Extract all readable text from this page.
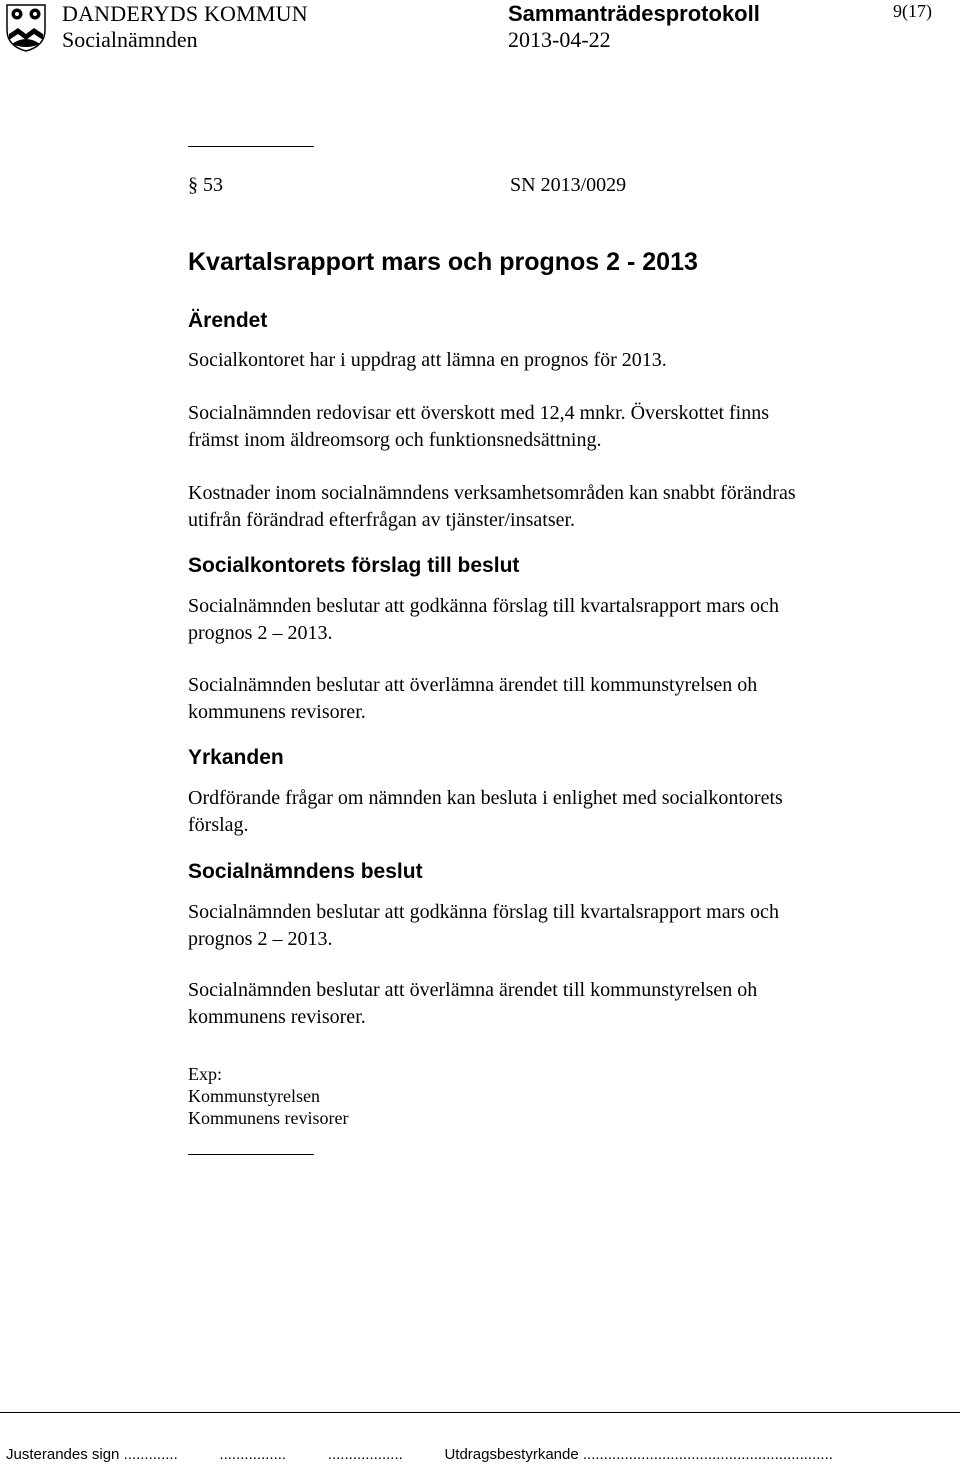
DANDERYDS KOMMUN
Socialnämnden
Sammanträdesprotokoll
2013-04-22
9(17)
§ 53	SN 2013/0029
Kvartalsrapport mars och prognos 2 - 2013
Ärendet
Socialkontoret har i uppdrag att lämna en prognos för 2013.
Socialnämnden redovisar ett överskott med 12,4 mnkr. Överskottet finns
främst inom äldreomsorg och funktionsnedsättning.
Kostnader inom socialnämndens verksamhetsområden kan snabbt förändras
utifrån förändrad efterfrågan av tjänster/insatser.
Socialkontorets förslag till beslut
Socialnämnden beslutar att godkänna förslag till kvartalsrapport mars och
prognos 2 – 2013.
Socialnämnden beslutar att överlämna ärendet till kommunstyrelsen oh
kommunens revisorer.
Yrkanden
Ordförande frågar om nämnden kan besluta i enlighet med socialkontorets
förslag.
Socialnämndens beslut
Socialnämnden beslutar att godkänna förslag till kvartalsrapport mars och
prognos 2 – 2013.
Socialnämnden beslutar att överlämna ärendet till kommunstyrelsen oh
kommunens revisorer.
Exp:
Kommunstyrelsen
Kommunens revisorer
Justerandes sign .............          ................          ..................          Utdragsbestyrkande ............................................................
